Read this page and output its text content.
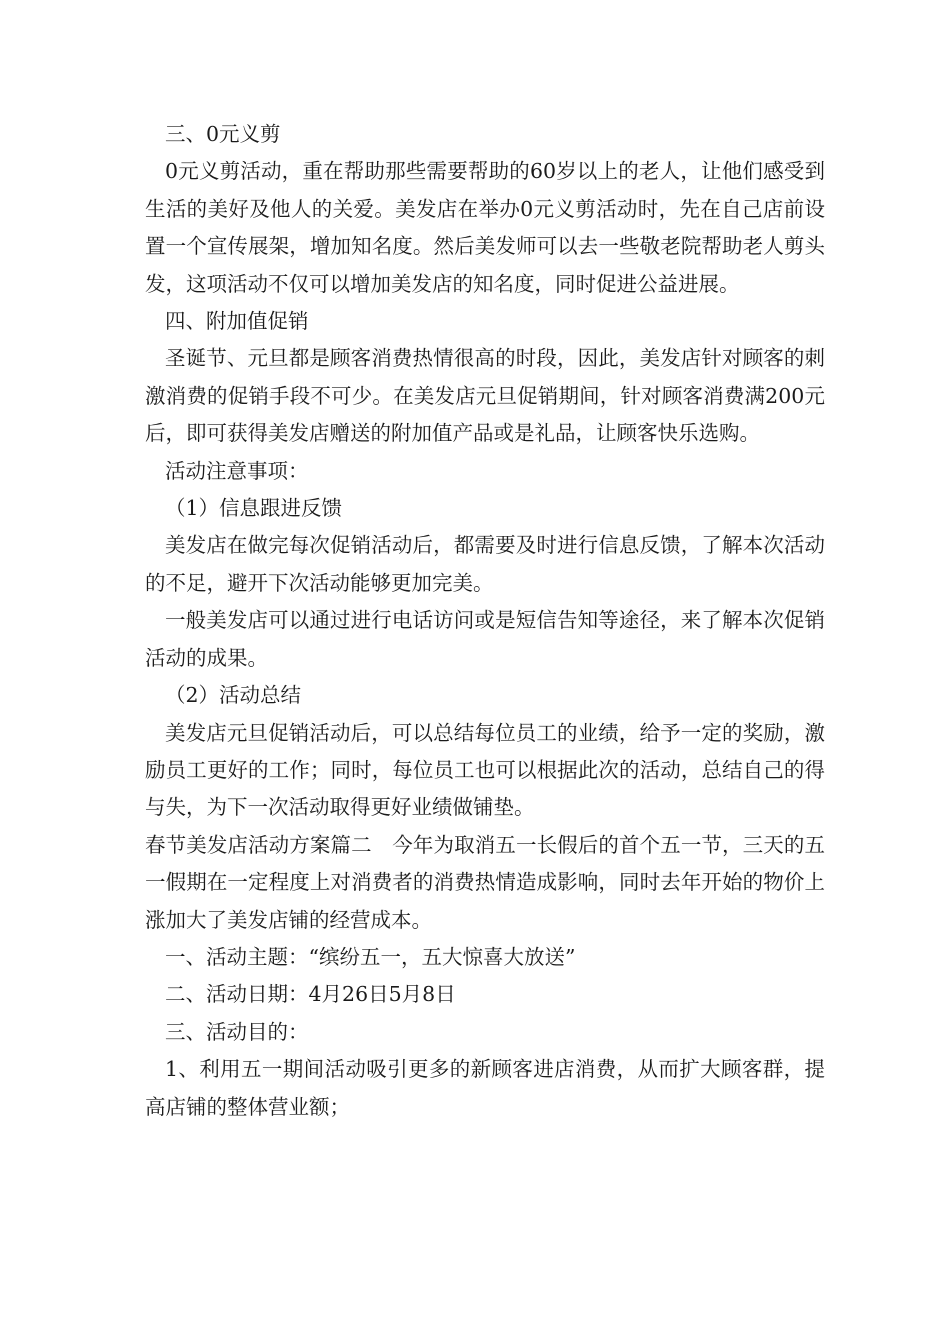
三、0元义剪

0元义剪活动，重在帮助那些需要帮助的60岁以上的老人，让他们感受到生活的美好及他人的关爱。美发店在举办0元义剪活动时，先在自己店前设置一个宣传展架，增加知名度。然后美发师可以去一些敬老院帮助老人剪头发，这项活动不仅可以增加美发店的知名度，同时促进公益进展。

四、附加值促销

圣诞节、元旦都是顾客消费热情很高的时段，因此，美发店针对顾客的刺激消费的促销手段不可少。在美发店元旦促销期间，针对顾客消费满200元后，即可获得美发店赠送的附加值产品或是礼品，让顾客快乐选购。

活动注意事项：

（1）信息跟进反馈

美发店在做完每次促销活动后，都需要及时进行信息反馈，了解本次活动的不足，避开下次活动能够更加完美。

一般美发店可以通过进行电话访问或是短信告知等途径，来了解本次促销活动的成果。

（2）活动总结

美发店元旦促销活动后，可以总结每位员工的业绩，给予一定的奖励，激励员工更好的工作；同时，每位员工也可以根据此次的活动，总结自己的得与失，为下一次活动取得更好业绩做铺垫。

春节美发店活动方案篇二　今年为取消五一长假后的首个五一节，三天的五一假期在一定程度上对消费者的消费热情造成影响，同时去年开始的物价上涨加大了美发店铺的经营成本。

一、活动主题：“缤纷五一，五大惊喜大放送”

二、活动日期：4月26日5月8日

三、活动目的：

1、利用五一期间活动吸引更多的新顾客进店消费，从而扩大顾客群，提高店铺的整体营业额；
